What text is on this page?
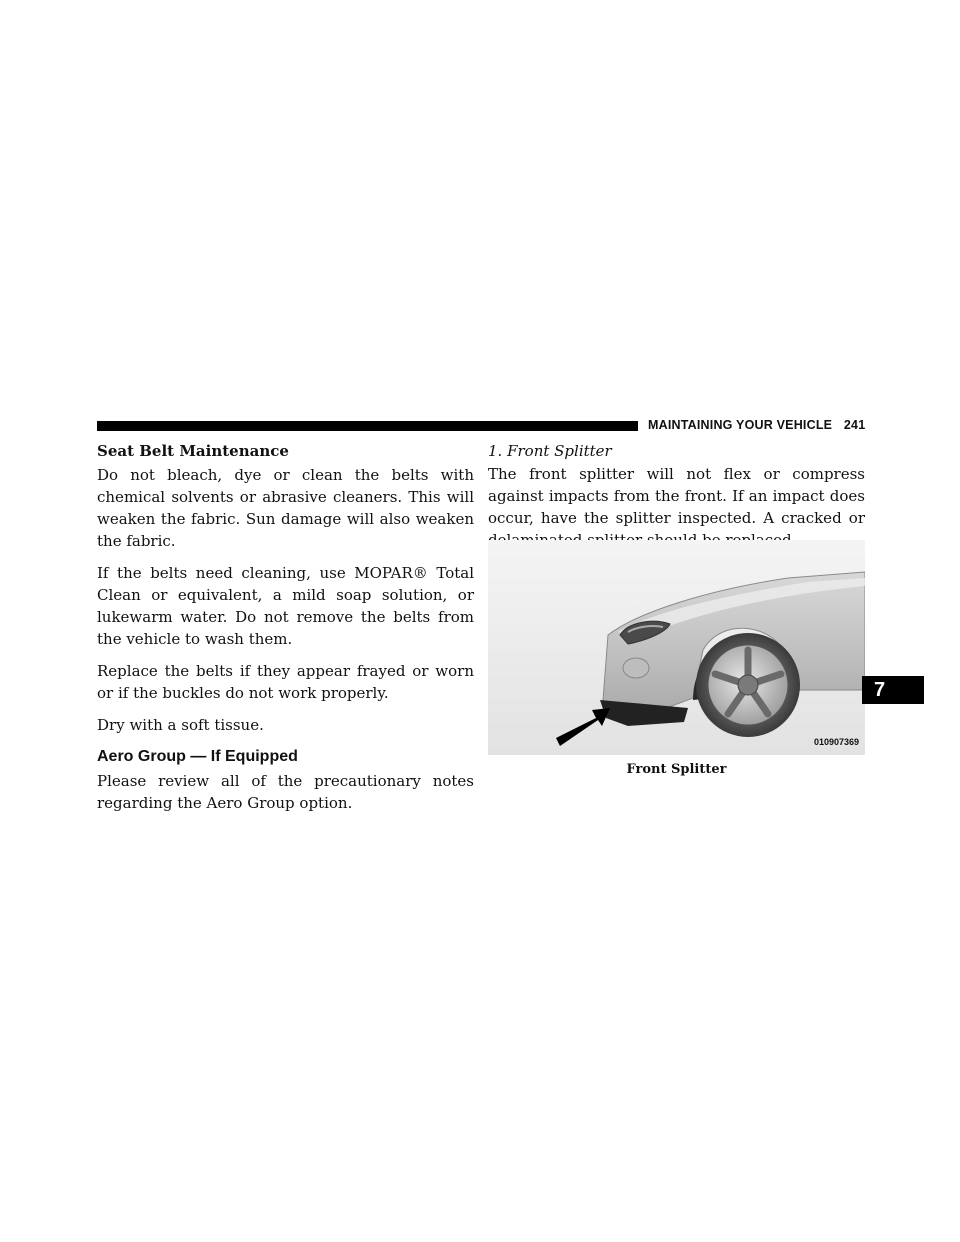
MAINTAINING YOUR VEHICLE 241
Seat Belt Maintenance

Do not bleach, dye or clean the belts with chemical solvents or abrasive cleaners. This will weaken the fabric. Sun damage will also weaken the fabric.

If the belts need cleaning, use MOPAR® Total Clean or equivalent, a mild soap solution, or lukewarm water. Do not remove the belts from the vehicle to wash them.

Replace the belts if they appear frayed or worn or if the buckles do not work properly.

Dry with a soft tissue.

Aero Group — If Equipped

Please review all of the precautionary notes regarding the Aero Group option.

1. Front Splitter

The front splitter will not flex or compress against impacts from the front. If an impact does occur, have the splitter inspected. A cracked or

010907369
Front Splitter
7
